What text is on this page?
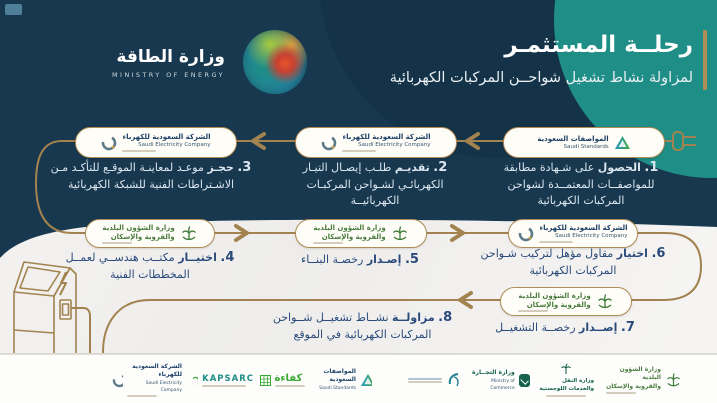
رحلــة المستثمـر
لمزاولة نشاط تشغيل شواحــن المركبات الكهربائية
وزارة الطاقة
MINISTRY OF ENERGY
المواصفات السعودية
Saudi Standards
الشركة السعودية للكهرباء
Saudi Electricity Company
الشركة السعودية للكهرباء
Saudi Electricity Company
وزارة الشؤون البلدية
والقروية والإسكان
وزارة الشؤون البلدية
والقروية والإسكان
الشركة السعودية للكهرباء
Saudi Electricity Company
وزارة الشؤون البلدية
والقروية والإسكان
1. الحصول على شـهادة مطابقة للمواصفــات المعتمــدة لشواحن المركبات الكهربائية
2. تقديـم طلـب إيصـال التيـار الكهربائـي لشـواحن المركبـات الكهربائيــة
3. حجـز موعـد لمعاينـة الموقـع للتأكـد مـن الاشـتراطات الفنية للشبكة الكهربائية
4. اختيــار مكتــب هندســي لعمــل المخططات الفنية
5. إصـدار رخصـة البنــاء	6. اختيار مقاول مؤهل لتركيب شـواحن المركبات الكهربائية
7. إصــدار رخصــة التشغيــل
8. مزاولــة نشــاط تشغيــل شــواحن المركبات الكهربائية في الموقع
الشركة السعودية للكهرباء
Saudi Electricity Company
KAPSARC كفاءة
المواصفات السعودية
Saudi Standards
وزارة التجــارة
Ministry of Commerce
وزارة النقل والخدمات اللوجستية
وزارة الشؤون البلدية
والقروية والإسكان
